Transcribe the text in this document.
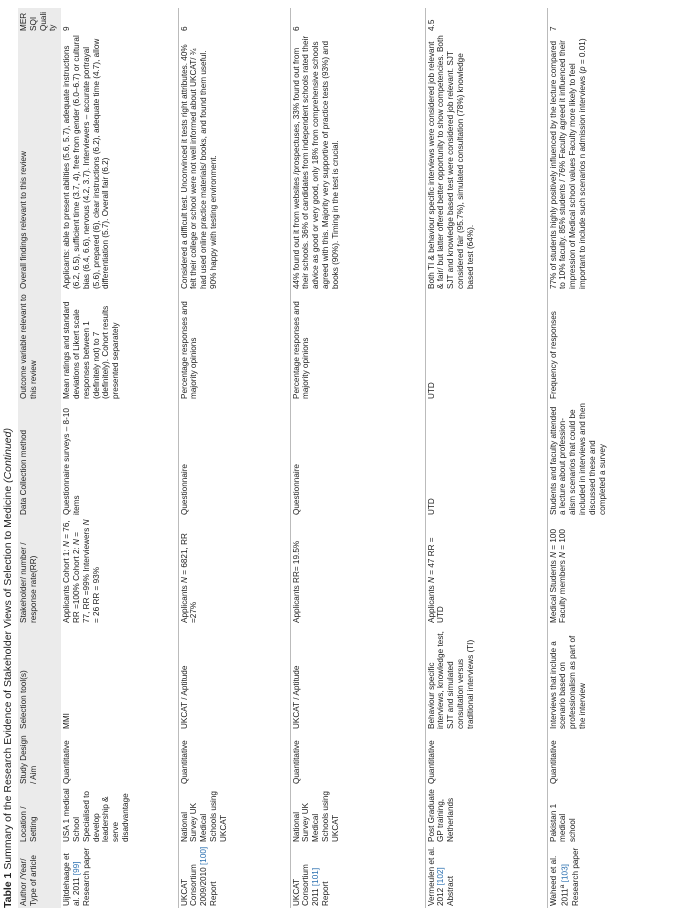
Table 1 Summary of the Research Evidence of Stakeholder Views of Selection to Medicine (Continued)
Author /Year/ Type of article	Location / Setting	Study Design / Aim	Selection tool(s)	Stakeholder/ number / response rate(RR)	Data Collection method	Outcome variable relevant to this review	Overall findings relevant to this review	MERSQI Quality
Uijtdehaage et al. 2011 [99] Research paper	USA 1 medical School Specialised to develop leadership & serve disadvantage	Quantitative	MMI	Applicants Cohort 1: N = 76, RR =100% Cohort 2: N = 77, RR =99% Interviewers N = 26 RR = 93%	Questionnaire surveys – 8-10 items	Mean ratings and standard deviations of Likert scale responses between 1 (definitely not) to 7 (definitely). Cohort results presented separately	Applicants: able to present abilities (5.6, 5.7), adequate instructions (6.2, 6.5), sufficient time (3.7, 4), free from gender (6.0–6.7) or cultural bias (6.4, 6.6), nervous (4.2, 3.7). Interviewers – accurate portrayal (5.6), prepared (6), clear instructions (6.2), adequate time (4.7), allow differentiation (5.7). Overall fair (6.2)	9
UKCAT Consortium 2009/2010 [100] Report	National Survey UK Medical Schools using UKCAT	Quantitative	UKCAT / Aptitude	Applicants N = 6821, RR =27%	Questionnaire	Percentage responses and majority opinions	Considered a difficult test. Unconvinced it tests right attributes. 40% felt their college or school were not well informed about UKCAT/ ¾ had used online practice materials/ books, and found them useful. 90% happy with testing environment.	6
UKCAT Consortium 2011 [101] Report	National Survey UK Medical Schools using UKCAT	Quantitative	UKCAT / Aptitude	Applicants RR= 19.5%	Questionnaire	Percentage responses and majority opinions	44% found out it from websites /prospectuses, 33% found out from their schools. 36% of candidates from independent schools rated their advice as good or very good, only 18% from comprehensive schools agreed with this. Majority very supportive of practice tests (93%) and books (90%). Timing in the test is crucial.	6
Vermeulen et al. 2012 [102] Abstract	Post Graduate GP training, Netherlands	Quantitative	Behaviour specific interviews, knowledge test, SJT and simulated consultation versus traditional interviews (TI)	Applicants N = 47 RR = UTD	UTD	UTD	Both TI & behaviour specific interviews were considered job relevant & fair/ but latter offered better opportunity to show competencies. Both SJT and knowledge based test were considered job relevant. SJT considered fair (95.7%), simulated consultation (78%) knowledge based test (64%).	4.5
Waheed et al. 2011$^a$ [103] Research paper	Pakistan 1 medical school	Quantitative	Interviews that include a scenario based on professionalism as part of the interview	Medical Students N = 100 Faculty members N = 100	Students and faculty attended a lecture about profession-alism scenarios that could be included in interviews and then discussed these and completed a survey	Frequency of responses	77% of students highly positively influenced by the lecture compared to 10% faculty. 85% students / 76% Faculty agreed it influenced their impression of Medical school values Faculty more likely to feel important to include such scenarios n admission interviews (p = 0.01)	7
